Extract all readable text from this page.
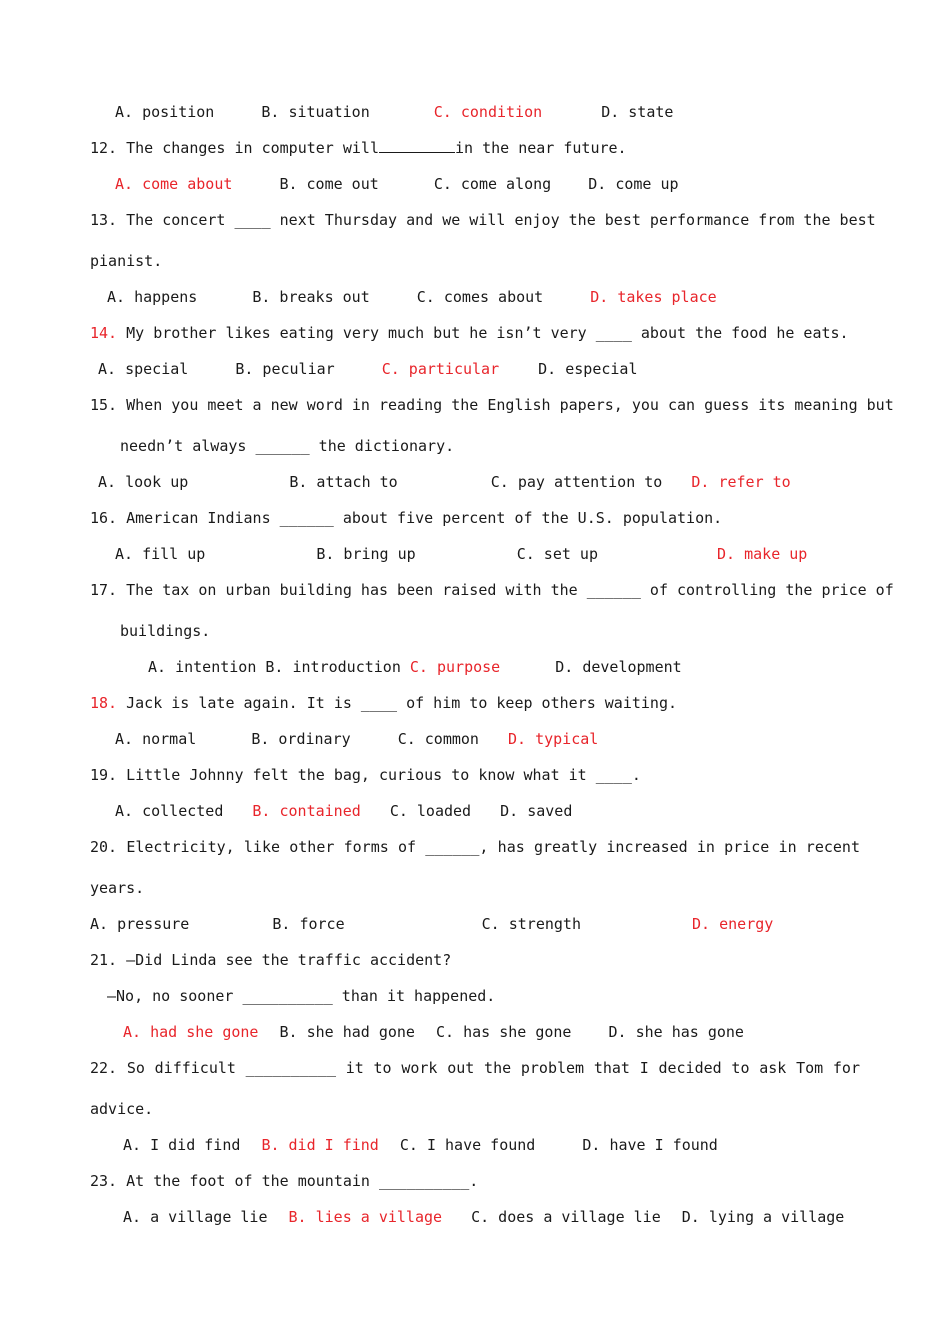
A. position	B. situation	C. condition	D. state
12. The changes in computer will	in the near future.
A. come about	B. come out	C. come along D. come up
13. The concert ____ next Thursday and we will enjoy the best performance from the best
pianist.
A. happens	B. breaks out	C. comes about	D. takes place
14. My brother likes eating very much but he isn’t very ____ about the food he eats.
A. special	B. peculiar	C. particular	D. especial
15. When you meet a new word in reading the English papers, you can guess its meaning but
needn’t always ______ the dictionary.
A. look up	B. attach to	C. pay attention to D. refer to
16. American Indians ______ about five percent of the U.S. population.
A. fill up	B. bring up	C. set up	D. make up
17. The tax on urban building has been raised with the ______ of controlling the price of
buildings.
A. intention B. introduction C. purpose	D. development
18. Jack is late again. It is ____ of him to keep others waiting.
A. normal	B. ordinary	C. common D. typical
19. Little Johnny felt the bag, curious to know what it ____.
A. collected B. contained C. loaded D. saved
20. Electricity, like other forms of ______, has greatly increased in price in recent
years.
A. pressure	B. force	C. strength	D. energy
21. —Did Linda see the traffic accident?
—No, no sooner __________ than it happened.
A. had she gone B. she had gone C. has she gone D. she has gone
22. So difficult __________ it to work out the problem that I decided to ask Tom for
advice.
A. I did find B. did I find C. I have found	D. have I found
23. At the foot of the mountain __________.
A. a village lie B. lies a village C. does a village lie D. lying a village
